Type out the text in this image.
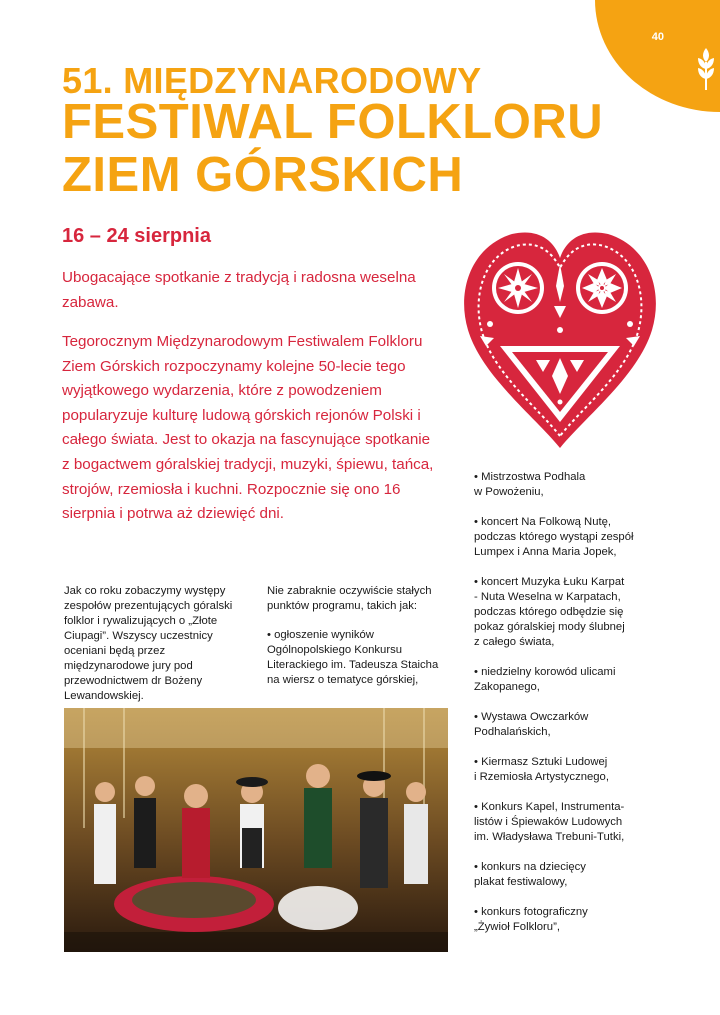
40
51. MIĘDZYNARODOWY
FESTIWAL FOLKLORU ZIEM GÓRSKICH
16 – 24 sierpnia

Ubogacające spotkanie z tradycją i radosna weselna zabawa.

Tegorocznym Międzynarodowym Festiwalem Folkloru Ziem Górskich rozpoczynamy kolejne 50-lecie tego wyjątkowego wydarzenia, które z powodzeniem popularyzuje kulturę ludową górskich rejonów Polski i całego świata. Jest to okazja na fascynujące spotkanie z bogactwem góralskiej tradycji, muzyki, śpiewu, tańca, strojów, rzemiosła i kuchni. Rozpocznie się ono 16 sierpnia i potrwa aż dziewięć dni.

Jak co roku zobaczymy występy zespołów prezentujących góralski folklor i rywalizujących o „Złote Ciupagi”. Wszyscy uczestnicy oceniani będą przez międzynarodowe jury pod przewodnictwem dr Bożeny Lewandowskiej.

Nie zabraknie oczywiście stałych punktów programu, takich jak:

• ogłoszenie wyników Ogólnopolskiego Konkursu Literackiego im. Tadeusza Staicha na wiersz o tematyce górskiej,

• Mistrzostwa Podhala
w Powożeniu,
• koncert Na Folkową Nutę,
podczas którego wystąpi zespół
Lumpex i Anna Maria Jopek,
• koncert Muzyka Łuku Karpat
- Nuta Weselna w Karpatach,
podczas którego odbędzie się
pokaz góralskiej mody ślubnej
z całego świata,
• niedzielny korowód ulicami
Zakopanego,
• Wystawa Owczarków
Podhalańskich,
• Kiermasz Sztuki Ludowej
i Rzemiosła Artystycznego,
• Konkurs Kapel, Instrumenta-
listów i Śpiewaków Ludowych
im. Władysława Trebuni-Tutki,
• konkurs na dziecięcy
plakat festiwalowy,
• konkurs fotograficzny
„Żywioł Folkloru”,
